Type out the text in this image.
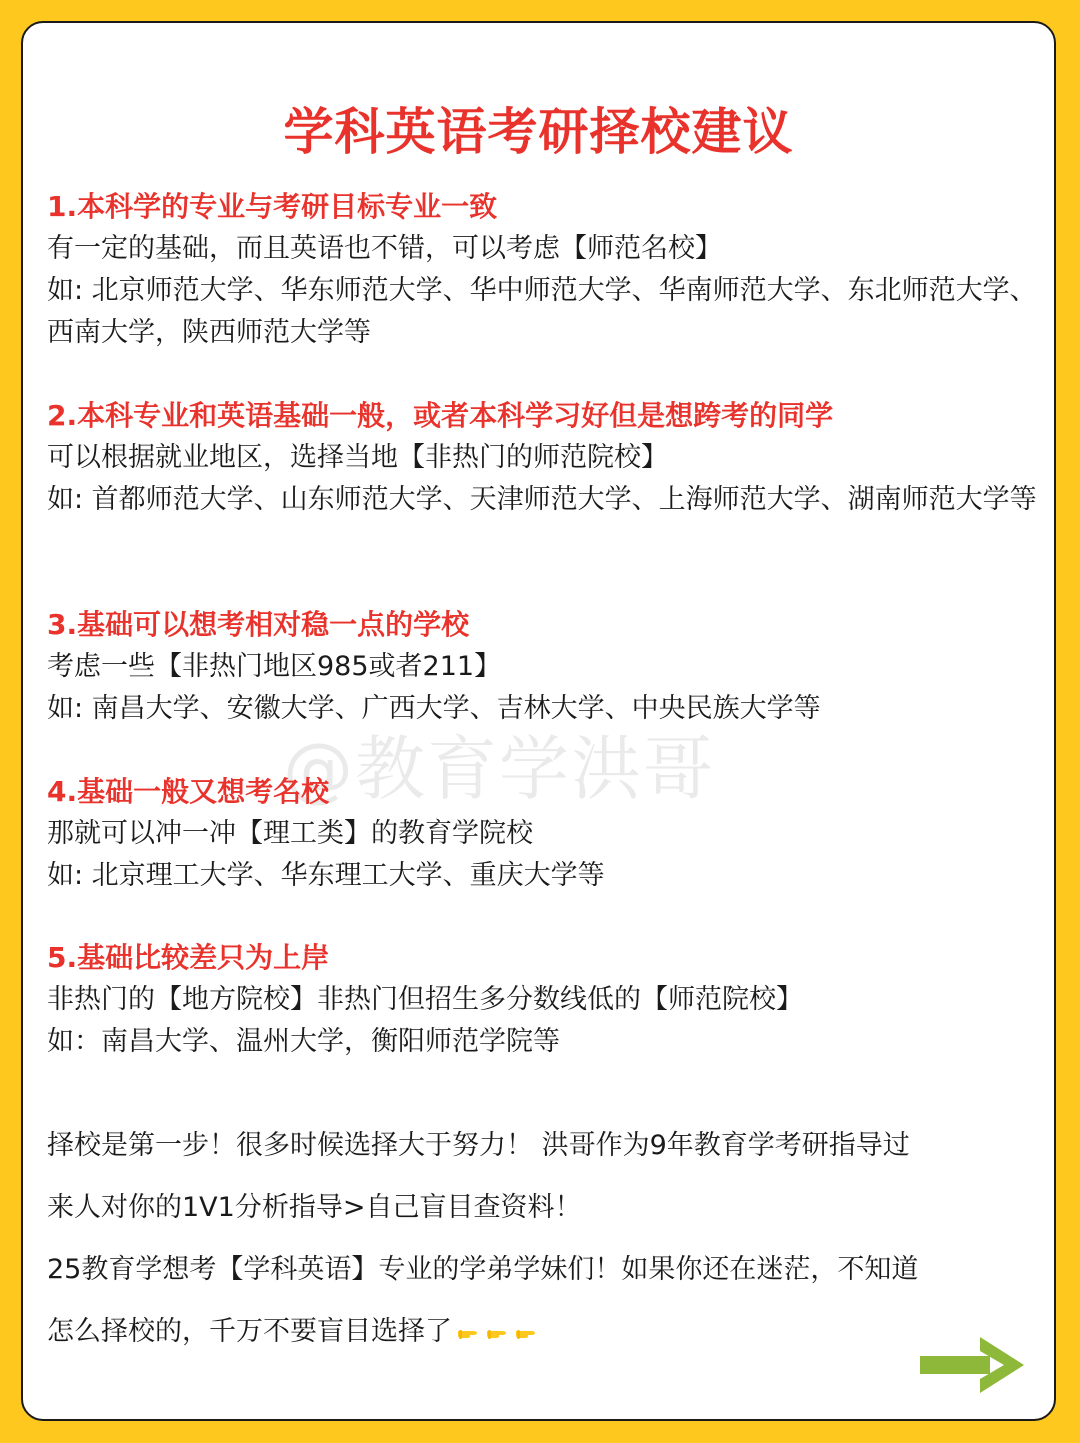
学科英语考研择校建议

1.本科学的专业与考研目标专业一致

有一定的基础，而且英语也不错，可以考虑【师范名校】

如: 北京师范大学、华东师范大学、华中师范大学、华南师范大学、东北师范大学、西南大学，陕西师范大学等

2.本科专业和英语基础一般，或者本科学习好但是想跨考的同学

可以根据就业地区，选择当地【非热门的师范院校】

如: 首都师范大学、山东师范大学、天津师范大学、上海师范大学、湖南师范大学等

3.基础可以想考相对稳一点的学校

考虑一些【非热门地区985或者211】

如: 南昌大学、安徽大学、广西大学、吉林大学、中央民族大学等

@教育学洪哥

4.基础一般又想考名校

那就可以冲一冲【理工类】的教育学院校

如: 北京理工大学、华东理工大学、重庆大学等

5.基础比较差只为上岸

非热门的【地方院校】非热门但招生多分数线低的【师范院校】

如：南昌大学、温州大学，衡阳师范学院等

择校是第一步！很多时候选择大于努力！ 洪哥作为9年教育学考研指导过

来人对你的1V1分析指导>自己盲目查资料！

25教育学想考【学科英语】专业的学弟学妹们！如果你还在迷茫，不知道

怎么择校的，千万不要盲目选择了
